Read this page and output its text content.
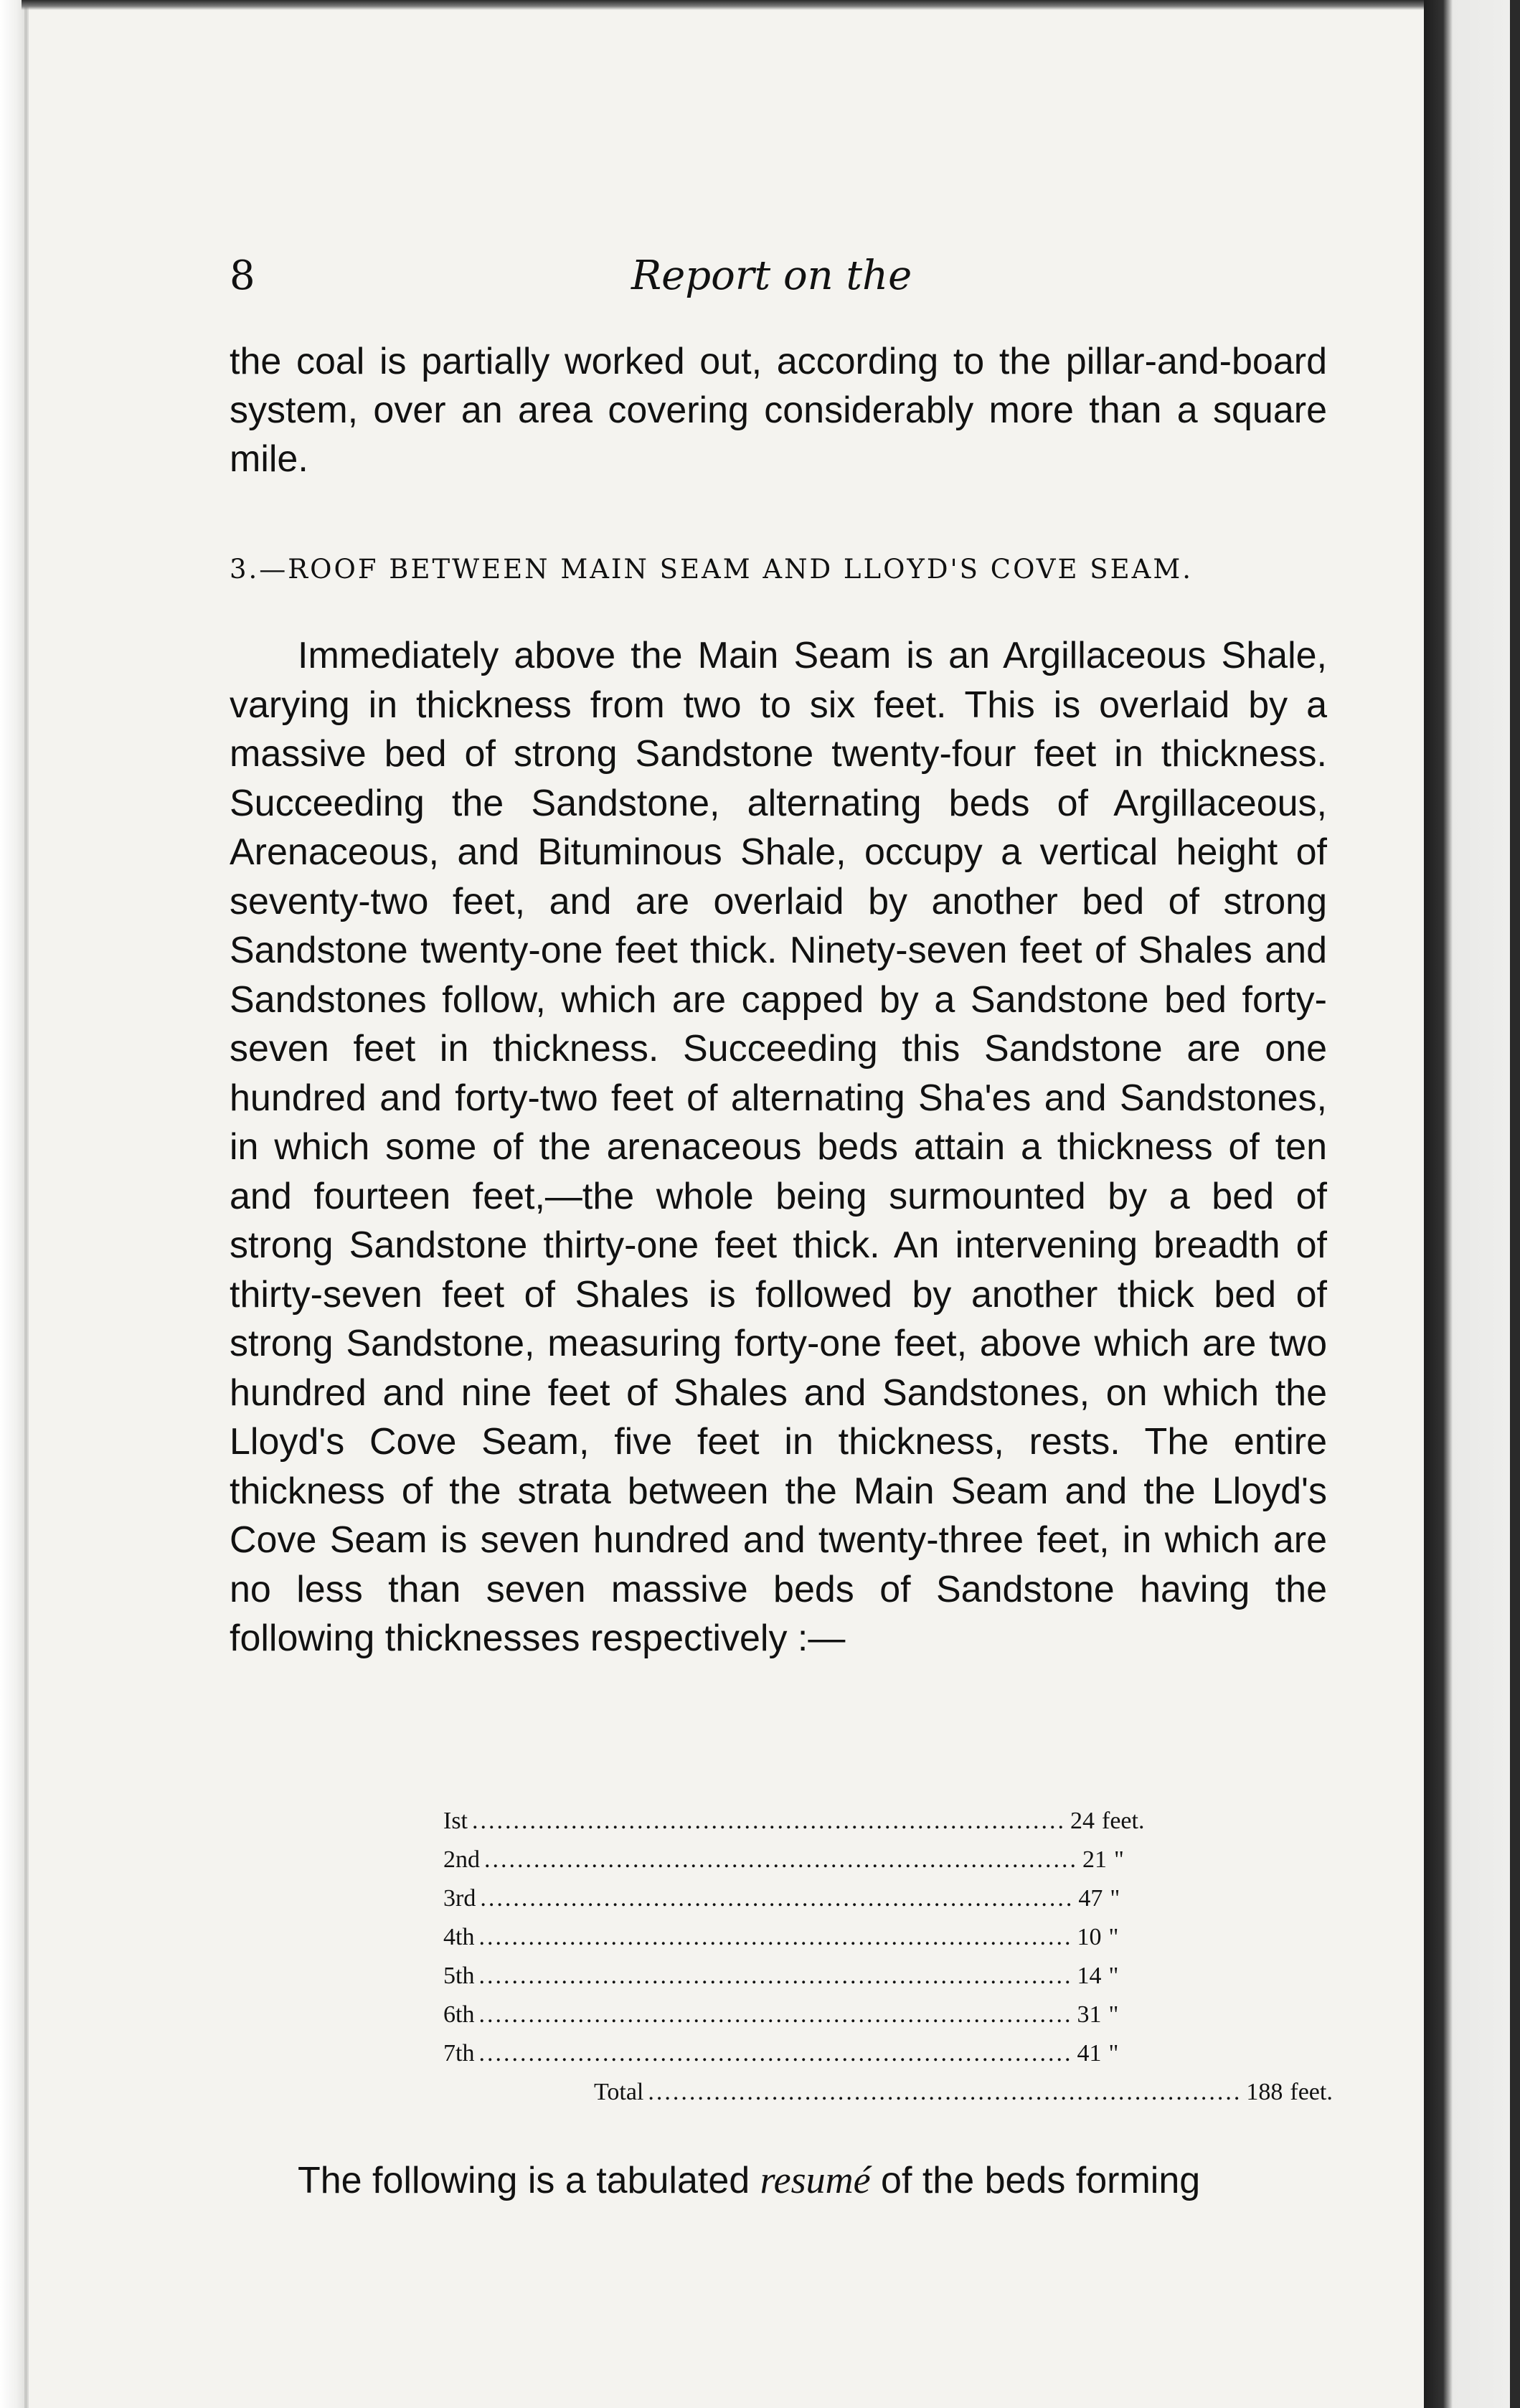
8	Report on the

the coal is partially worked out, according to the pillar-and-board system, over an area covering considerably more than a square mile.

3.—ROOF BETWEEN MAIN SEAM AND LLOYD'S COVE SEAM.
Immediately above the Main Seam is an Argillaceous Shale, varying in thickness from two to six feet. This is overlaid by a massive bed of strong Sandstone twenty-four feet in thickness. Succeeding the Sandstone, alternating beds of Argillaceous, Arenaceous, and Bituminous Shale, occupy a vertical height of seventy-two feet, and are overlaid by another bed of strong Sandstone twenty-one feet thick. Ninety-seven feet of Shales and Sandstones follow, which are capped by a Sandstone bed forty-seven feet in thickness. Succeeding this Sandstone are one hundred and forty-two feet of alternating Sha'es and Sandstones, in which some of the arenaceous beds attain a thickness of ten and fourteen feet,—the whole being surmounted by a bed of strong Sandstone thirty-one feet thick. An intervening breadth of thirty-seven feet of Shales is followed by another thick bed of strong Sandstone, measuring forty-one feet, above which are two hundred and nine feet of Shales and Sandstones, on which the Lloyd's Cove Seam, five feet in thickness, rests. The entire thickness of the strata between the Main Seam and the Lloyd's Cove Seam is seven hundred and twenty-three feet, in which are no less than seven massive beds of Sandstone having the following thicknesses respectively :—
Ist ........................................................................ 24 feet.
2nd ........................................................................ 21 "
3rd ........................................................................ 47 "
4th ........................................................................ 10 "
5th ........................................................................ 14 "
6th ........................................................................ 31 "
7th ........................................................................ 41 "
Total ........................................................................ 188 feet.
The following is a tabulated resumé of the beds forming
